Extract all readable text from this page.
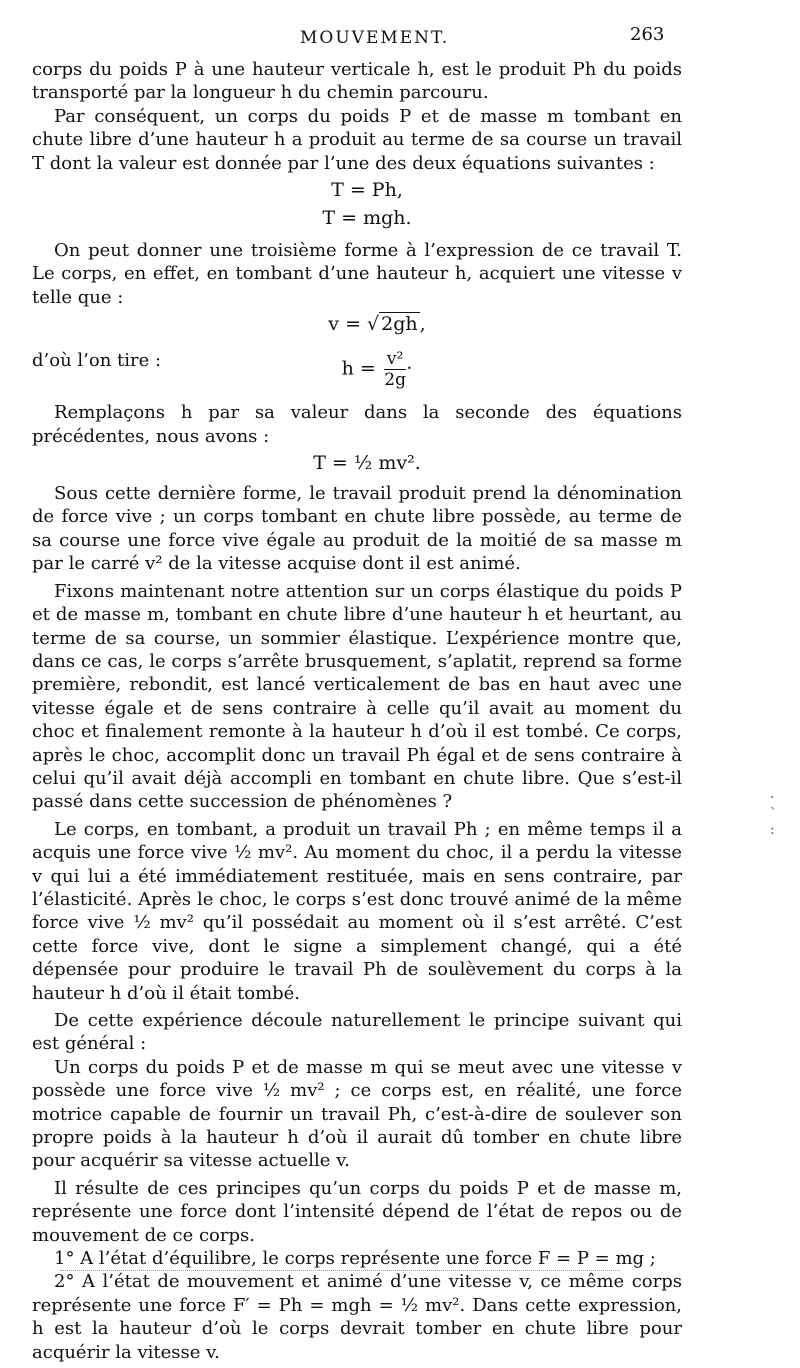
MOUVEMENT.	263

corps du poids P à une hauteur verticale h, est le produit Ph du poids transporté par la longueur h du chemin parcouru.

Par conséquent, un corps du poids P et de masse m tombant en chute libre d’une hauteur h a produit au terme de sa course un travail T dont la valeur est donnée par l’une des deux équations suivantes :

T = Ph,
T = mgh.

On peut donner une troisième forme à l’expression de ce travail T. Le corps, en effet, en tombant d’une hauteur h, acquiert une vitesse v telle que :

v = √ 2gh ,
d’où l’on tire :	$h = \frac{\text{v²}}{2g}$ ·

Remplaçons h par sa valeur dans la seconde des équations précédentes, nous avons :

T = ½ mv².

Sous cette dernière forme, le travail produit prend la dénomination de force vive ; un corps tombant en chute libre possède, au terme de sa course une force vive égale au produit de la moitié de sa masse m par le carré v² de la vitesse acquise dont il est animé.

Fixons maintenant notre attention sur un corps élastique du poids P et de masse m, tombant en chute libre d’une hauteur h et heurtant, au terme de sa course, un sommier élastique. L’expérience montre que, dans ce cas, le corps s’arrête brusquement, s’aplatit, reprend sa forme première, rebondit, est lancé verticalement de bas en haut avec une vitesse égale et de sens contraire à celle qu’il avait au moment du choc et finalement remonte à la hauteur h d’où il est tombé. Ce corps, après le choc, accomplit donc un travail Ph égal et de sens contraire à celui qu’il avait déjà accompli en tombant en chute libre. Que s’est-il passé dans cette succession de phénomènes ?

Le corps, en tombant, a produit un travail Ph ; en même temps il a acquis une force vive ½ mv². Au moment du choc, il a perdu la vitesse v qui lui a été immédiatement restituée, mais en sens contraire, par l’élasticité. Après le choc, le corps s’est donc trouvé animé de la même force vive ½ mv² qu’il possédait au moment où il s’est arrêté. C’est cette force vive, dont le signe a simplement changé, qui a été dépensée pour produire le travail Ph de soulèvement du corps à la hauteur h d’où il était tombé.

De cette expérience découle naturellement le principe suivant qui est général :

Un corps du poids P et de masse m qui se meut avec une vitesse v possède une force vive ½ mv² ; ce corps est, en réalité, une force motrice capable de fournir un travail Ph, c’est-à-dire de soulever son propre poids à la hauteur h d’où il aurait dû tomber en chute libre pour acquérir sa vitesse actuelle v.

Il résulte de ces principes qu’un corps du poids P et de masse m, représente une force dont l’intensité dépend de l’état de repos ou de mouvement de ce corps.

1° A l’état d’équilibre, le corps représente une force F = P = mg ;

2° A l’état de mouvement et animé d’une vitesse v, ce même corps représente une force F′ = Ph = mgh = ½ mv². Dans cette expression, h est la hauteur d’où le corps devrait tomber en chute libre pour acquérir la vitesse v.

·
`
:
